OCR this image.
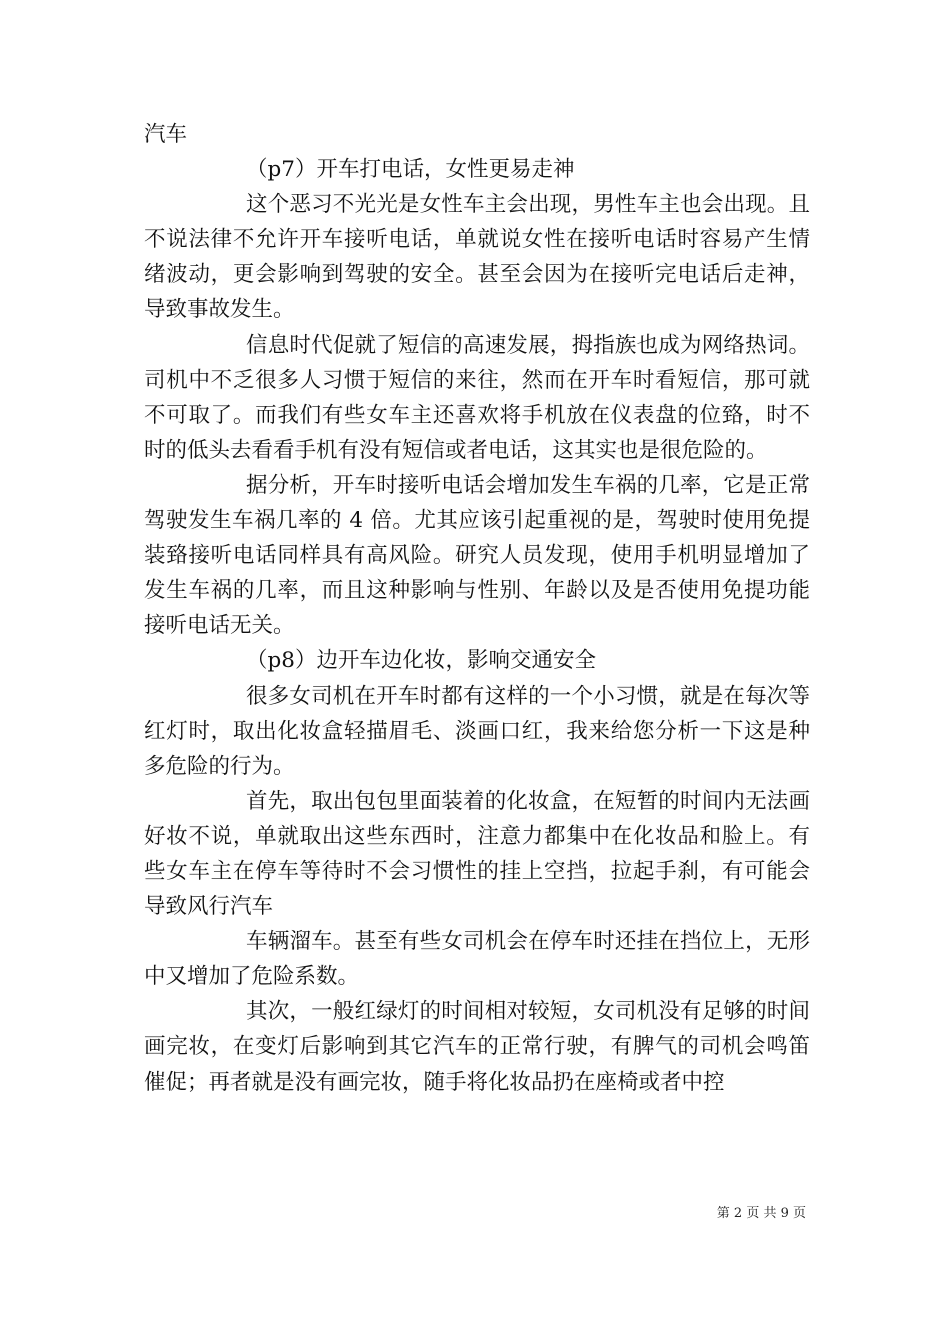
汽车

（p7）开车打电话，女性更易走神

这个恶习不光光是女性车主会出现，男性车主也会出现。且不说法律不允许开车接听电话，单就说女性在接听电话时容易产生情绪波动，更会影响到驾驶的安全。甚至会因为在接听完电话后走神，导致事故发生。

信息时代促就了短信的高速发展，拇指族也成为网络热词。司机中不乏很多人习惯于短信的来往，然而在开车时看短信，那可就不可取了。而我们有些女车主还喜欢将手机放在仪表盘的位臵，时不时的低头去看看手机有没有短信或者电话，这其实也是很危险的。

据分析，开车时接听电话会增加发生车祸的几率，它是正常驾驶发生车祸几率的 4 倍。尤其应该引起重视的是，驾驶时使用免提装臵接听电话同样具有高风险。研究人员发现，使用手机明显增加了发生车祸的几率，而且这种影响与性别、年龄以及是否使用免提功能接听电话无关。

（p8）边开车边化妆，影响交通安全

很多女司机在开车时都有这样的一个小习惯，就是在每次等红灯时，取出化妆盒轻描眉毛、淡画口红，我来给您分析一下这是种多危险的行为。

首先，取出包包里面装着的化妆盒，在短暂的时间内无法画好妆不说，单就取出这些东西时，注意力都集中在化妆品和脸上。有些女车主在停车等待时不会习惯性的挂上空挡，拉起手刹，有可能会导致风行汽车

车辆溜车。甚至有些女司机会在停车时还挂在挡位上，无形中又增加了危险系数。

其次，一般红绿灯的时间相对较短，女司机没有足够的时间画完妆，在变灯后影响到其它汽车的正常行驶，有脾气的司机会鸣笛催促；再者就是没有画完妆，随手将化妆品扔在座椅或者中控

第 2 页 共 9 页
